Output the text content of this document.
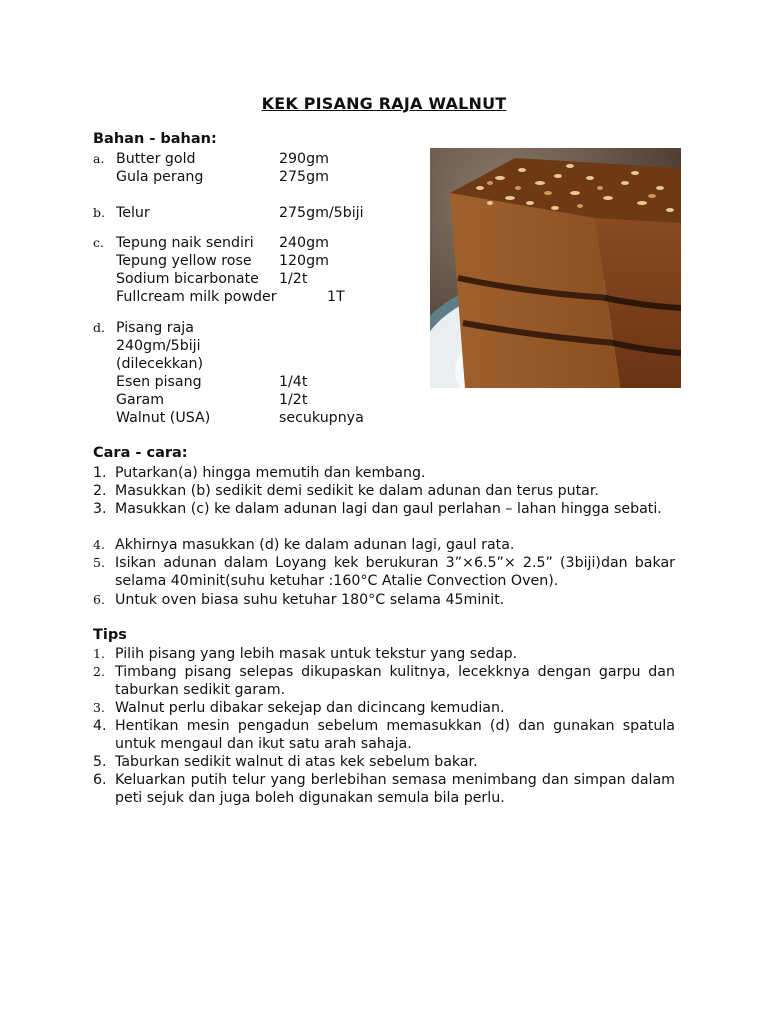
KEK PISANG RAJA WALNUT
Bahan - bahan:
a. Butter gold	290gm
Gula perang	275gm
b. Telur	275gm/5biji
c. Tepung naik sendiri 240gm
Tepung yellow rose 120gm
Sodium bicarbonate 1/2t
Fullcream milk powder	1T
d. Pisang raja
240gm/5biji
(dilecekkan)
Esen pisang	1/4t
Garam	1/2t
Walnut (USA)	secukupnya
Cara - cara:
1. Putarkan(a) hingga memutih dan kembang.
2. Masukkan (b) sedikit demi sedikit ke dalam adunan dan terus putar.
3. Masukkan (c) ke dalam adunan lagi dan gaul perlahan – lahan hingga sebati.
4. Akhirnya masukkan (d) ke dalam adunan lagi, gaul rata.
5. Isikan adunan dalam Loyang kek berukuran 3”×6.5”× 2.5” (3biji)dan bakar selama 40minit(suhu ketuhar :160°C Atalie Convection Oven).
6. Untuk oven biasa suhu ketuhar 180°C selama 45minit.
Tips
1. Pilih pisang yang lebih masak untuk tekstur yang sedap.
2. Timbang pisang selepas dikupaskan kulitnya, lecekknya dengan garpu dan taburkan sedikit garam.
3. Walnut perlu dibakar sekejap dan dicincang kemudian.
4. Hentikan mesin pengadun sebelum memasukkan (d) dan gunakan spatula untuk mengaul dan ikut satu arah sahaja.
5. Taburkan sedikit walnut di atas kek sebelum bakar.
6. Keluarkan putih telur yang berlebihan semasa menimbang dan simpan dalam peti sejuk dan juga boleh digunakan semula bila perlu.
